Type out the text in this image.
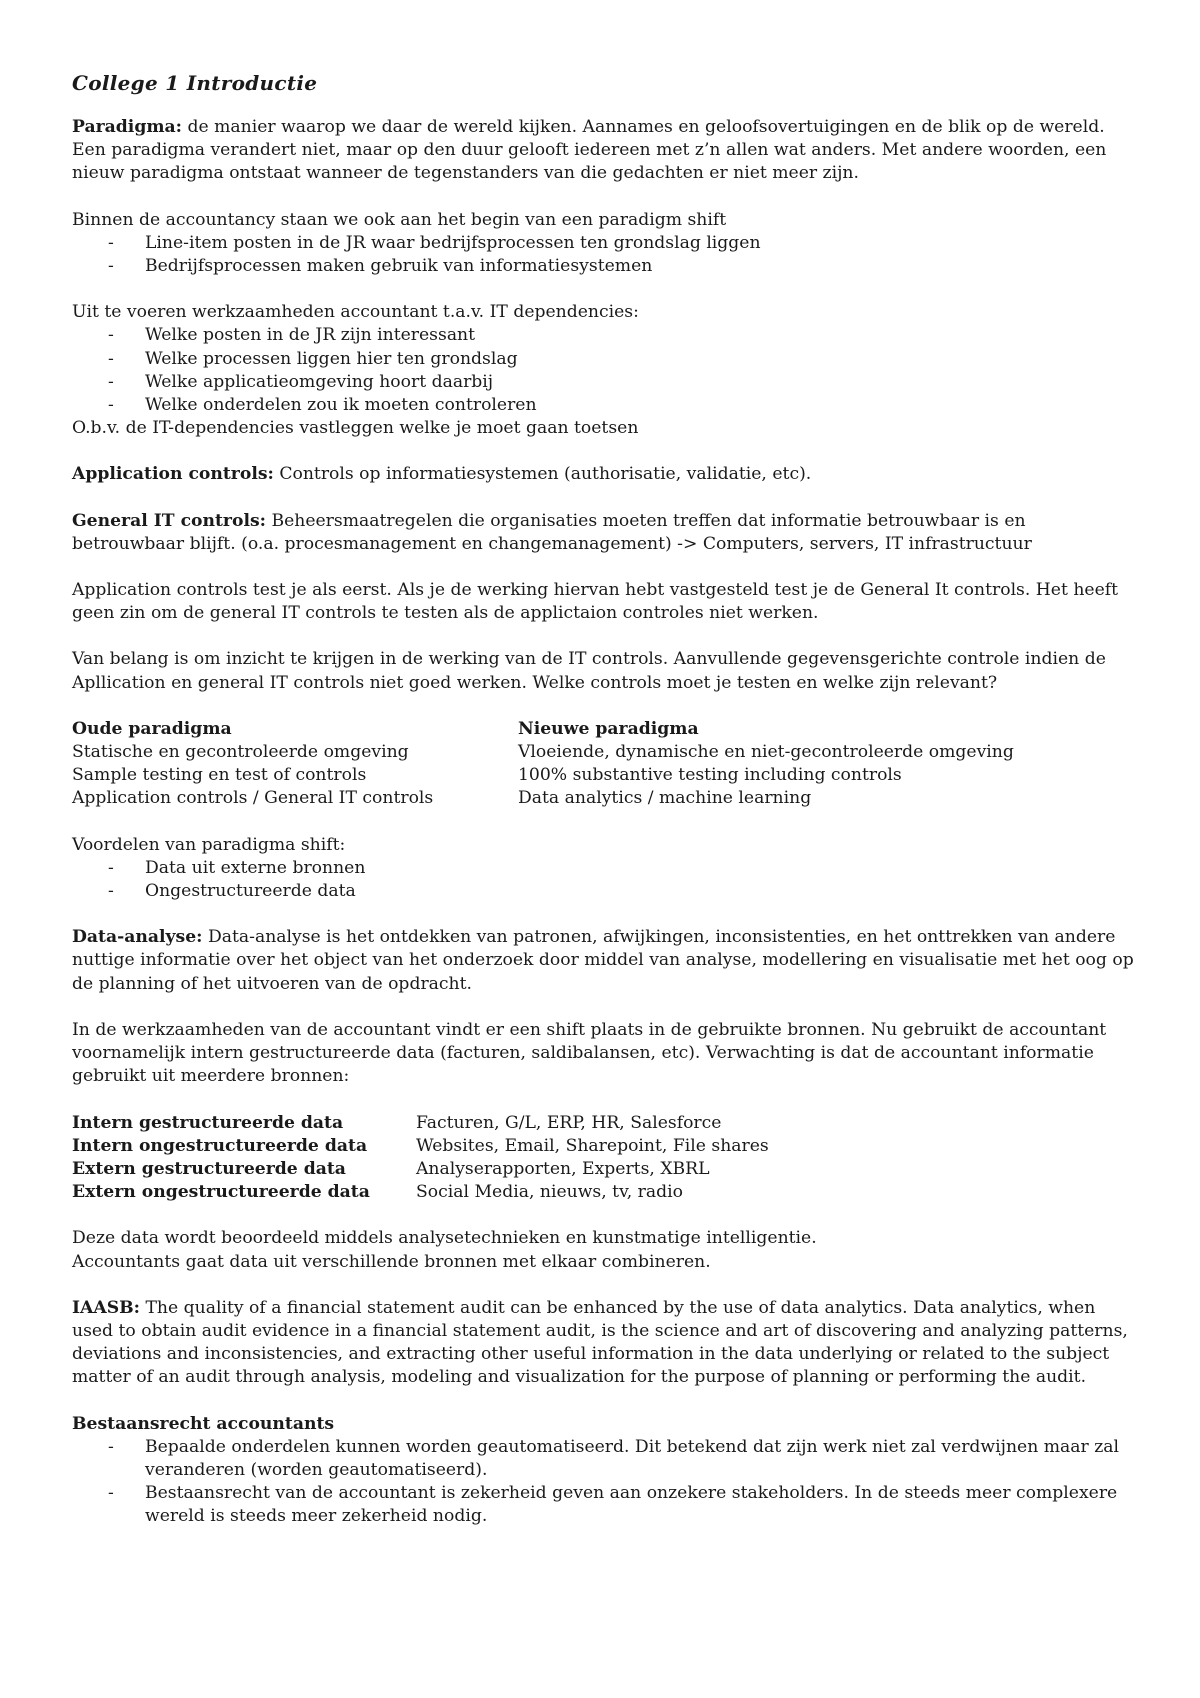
College 1 Introductie

Paradigma: de manier waarop we daar de wereld kijken. Aannames en geloofsovertuigingen en de blik op de wereld. Een paradigma verandert niet, maar op den duur gelooft iedereen met z’n allen wat anders. Met andere woorden, een nieuw paradigma ontstaat wanneer de tegenstanders van die gedachten er niet meer zijn.

Binnen de accountancy staan we ook aan het begin van een paradigm shift
- Line-item posten in de JR waar bedrijfsprocessen ten grondslag liggen
- Bedrijfsprocessen maken gebruik van informatiesystemen
Uit te voeren werkzaamheden accountant t.a.v. IT dependencies:
- Welke posten in de JR zijn interessant
- Welke processen liggen hier ten grondslag
- Welke applicatieomgeving hoort daarbij
- Welke onderdelen zou ik moeten controleren
O.b.v. de IT-dependencies vastleggen welke je moet gaan toetsen

Application controls: Controls op informatiesystemen (authorisatie, validatie, etc).

General IT controls: Beheersmaatregelen die organisaties moeten treffen dat informatie betrouwbaar is en betrouwbaar blijft. (o.a. procesmanagement en changemanagement) -> Computers, servers, IT infrastructuur

Application controls test je als eerst. Als je de werking hiervan hebt vastgesteld test je de General It controls. Het heeft geen zin om de general IT controls te testen als de applictaion controles niet werken.

Van belang is om inzicht te krijgen in de werking van de IT controls. Aanvullende gegevensgerichte controle indien de Apllication en general IT controls niet goed werken. Welke controls moet je testen en welke zijn relevant?

Oude paradigma	Nieuwe paradigma
Statische en gecontroleerde omgeving	Vloeiende, dynamische en niet-gecontroleerde omgeving
Sample testing en test of controls	100% substantive testing including controls
Application controls / General IT controls	Data analytics / machine learning
Voordelen van paradigma shift:
- Data uit externe bronnen
- Ongestructureerde data

Data-analyse: Data-analyse is het ontdekken van patronen, afwijkingen, inconsistenties, en het onttrekken van andere nuttige informatie over het object van het onderzoek door middel van analyse, modellering en visualisatie met het oog op de planning of het uitvoeren van de opdracht.

In de werkzaamheden van de accountant vindt er een shift plaats in de gebruikte bronnen. Nu gebruikt de accountant voornamelijk intern gestructureerde data (facturen, saldibalansen, etc). Verwachting is dat de accountant informatie gebruikt uit meerdere bronnen:

Intern gestructureerde data	Facturen, G/L, ERP, HR, Salesforce
Intern ongestructureerde data	Websites, Email, Sharepoint, File shares
Extern gestructureerde data	Analyserapporten, Experts, XBRL
Extern ongestructureerde data	Social Media, nieuws, tv, radio
Deze data wordt beoordeeld middels analysetechnieken en kunstmatige intelligentie.
Accountants gaat data uit verschillende bronnen met elkaar combineren.

IAASB: The quality of a financial statement audit can be enhanced by the use of data analytics. Data analytics, when used to obtain audit evidence in a financial statement audit, is the science and art of discovering and analyzing patterns, deviations and inconsistencies, and extracting other useful information in the data underlying or related to the subject matter of an audit through analysis, modeling and visualization for the purpose of planning or performing the audit.

Bestaansrecht accountants
- Bepaalde onderdelen kunnen worden geautomatiseerd. Dit betekend dat zijn werk niet zal verdwijnen maar zal veranderen (worden geautomatiseerd).
- Bestaansrecht van de accountant is zekerheid geven aan onzekere stakeholders. In de steeds meer complexere wereld is steeds meer zekerheid nodig.
